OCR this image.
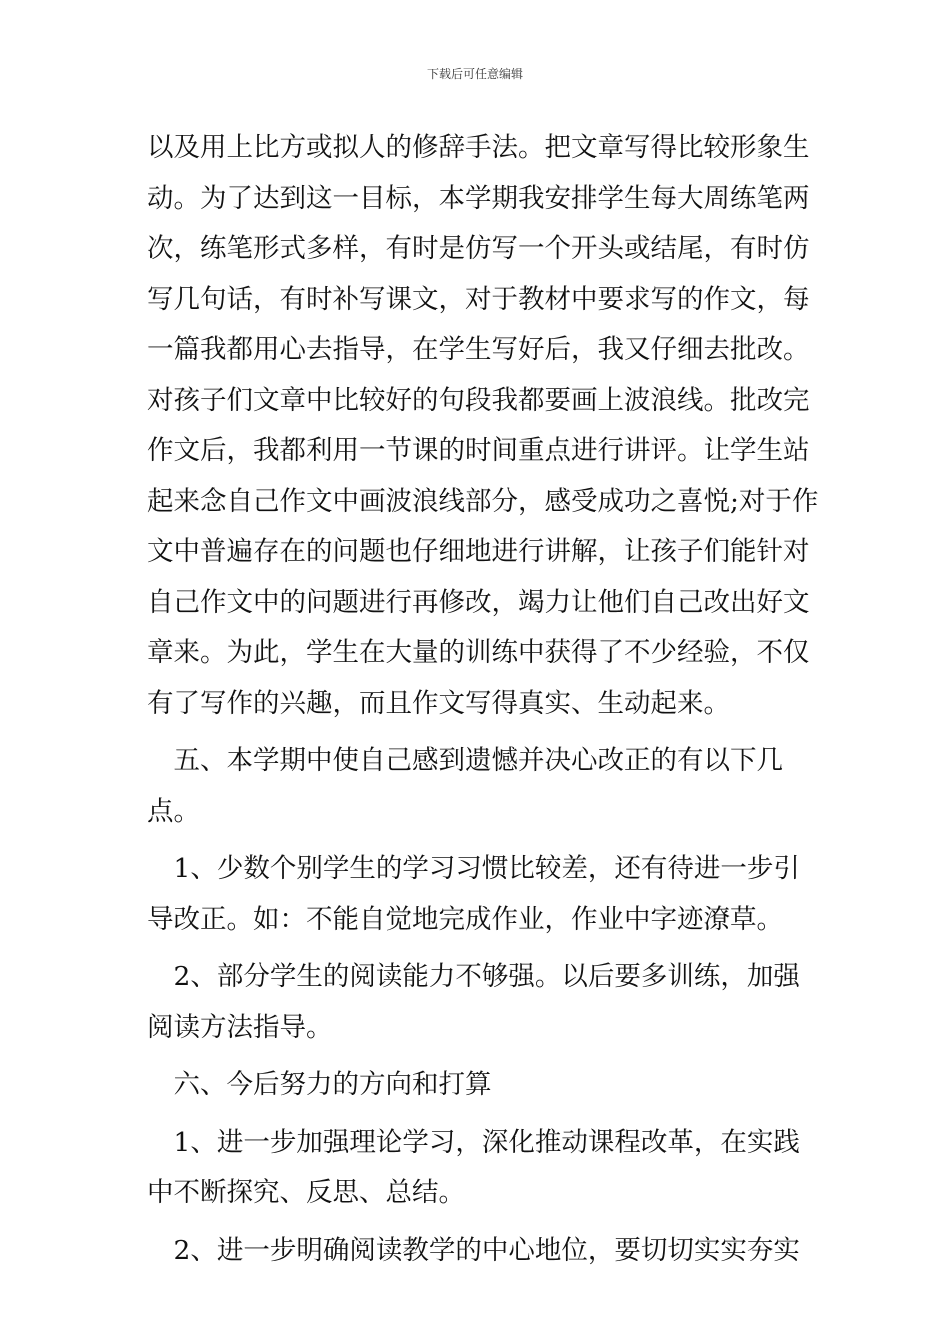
下载后可任意编辑
以及用上比方或拟人的修辞手法。把文章写得比较形象生
动。为了达到这一目标，本学期我安排学生每大周练笔两
次，练笔形式多样，有时是仿写一个开头或结尾，有时仿
写几句话，有时补写课文，对于教材中要求写的作文，每
一篇我都用心去指导，在学生写好后，我又仔细去批改。
对孩子们文章中比较好的句段我都要画上波浪线。批改完
作文后，我都利用一节课的时间重点进行讲评。让学生站
起来念自己作文中画波浪线部分，感受成功之喜悦;对于作
文中普遍存在的问题也仔细地进行讲解，让孩子们能针对
自己作文中的问题进行再修改，竭力让他们自己改出好文
章来。为此，学生在大量的训练中获得了不少经验，不仅
有了写作的兴趣，而且作文写得真实、生动起来。
　五、本学期中使自己感到遗憾并决心改正的有以下几
点。
　1、少数个别学生的学习习惯比较差，还有待进一步引
导改正。如：不能自觉地完成作业，作业中字迹潦草。
　2、部分学生的阅读能力不够强。以后要多训练，加强
阅读方法指导。
　六、今后努力的方向和打算
　1、进一步加强理论学习，深化推动课程改革，在实践
中不断探究、反思、总结。
　2、进一步明确阅读教学的中心地位，要切切实实夯实
